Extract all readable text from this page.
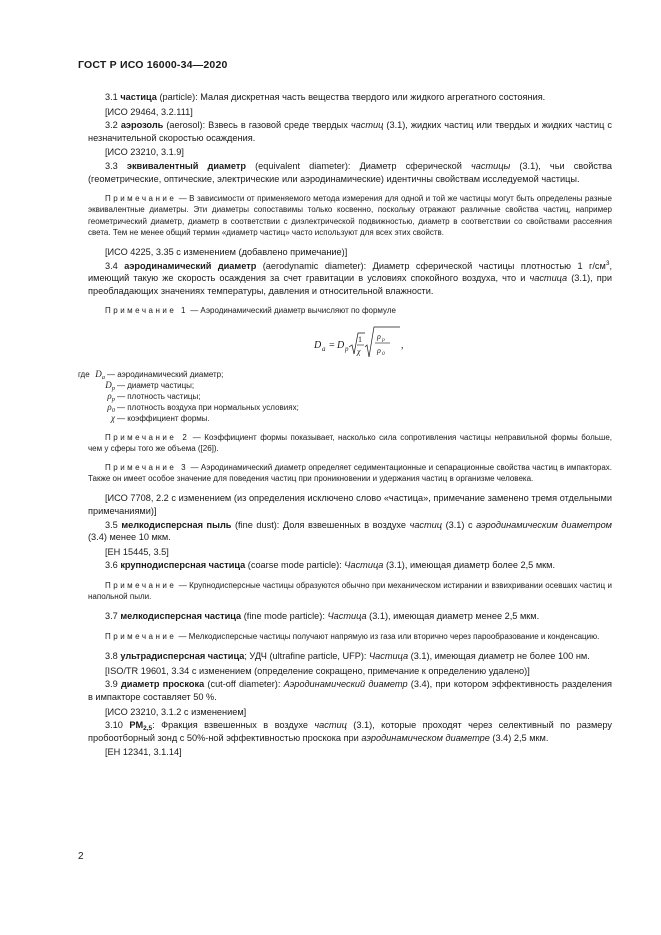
ГОСТ Р ИСО 16000-34—2020

3.1 частица (particle): Малая дискретная часть вещества твердого или жидкого агрегатного состояния.

[ИСО 29464, 3.2.111]

3.2 аэрозоль (aerosol): Взвесь в газовой среде твердых частиц (3.1), жидких частиц или твердых и жидких частиц с незначительной скоростью осаждения.

[ИСО 23210, 3.1.9]

3.3 эквивалентный диаметр (equivalent diameter): Диаметр сферической частицы (3.1), чьи свойства (геометрические, оптические, электрические или аэродинамические) идентичны свойствам исследуемой частицы.

Примечание — В зависимости от применяемого метода измерения для одной и той же частицы могут быть определены разные эквивалентные диаметры. Эти диаметры сопоставимы только косвенно, поскольку отражают различные свойства частиц, например геометрический диаметр, диаметр в соответствии с диэлектрической подвижностью, диаметр в соответствии со свойствами рассеяния света. Тем не менее общий термин «диаметр частиц» часто используют для всех этих свойств.

[ИСО 4225, 3.35 с изменением (добавлено примечание)]

3.4 аэродинамический диаметр (aerodynamic diameter): Диаметр сферической частицы плотностью 1 $г/см^3$, имеющий такую же скорость осаждения за счет гравитации в условиях спокойного воздуха, что и частица (3.1), при преобладающих значениях температуры, давления и относительной влажности.

Примечание 1 — Аэродинамический диаметр вычисляют по формуле

D a = D p
1
χ
ρ p
ρ 0
,
где $D_a$ — аэродинамический диаметр;
$D_p$ — диаметр частицы;
$\rho_p$ — плотность частицы;
$\rho_0$ — плотность воздуха при нормальных условиях;
χ — коэффициент формы.

Примечание 2 — Коэффициент формы показывает, насколько сила сопротивления частицы неправильной формы больше, чем у сферы того же объема ([26]).

Примечание 3 — Аэродинамический диаметр определяет седиментационные и сепарационные свойства частиц в импакторах. Также он имеет особое значение для поведения частиц при проникновении и удержания частиц в организме человека.

[ИСО 7708, 2.2 с изменением (из определения исключено слово «частица», примечание заменено тремя отдельными примечаниями)]

3.5 мелкодисперсная пыль (fine dust): Доля взвешенных в воздухе частиц (3.1) с аэродинамическим диаметром (3.4) менее 10 мкм.

[ЕН 15445, 3.5]

3.6 крупнодисперсная частица (coarse mode particle): Частица (3.1), имеющая диаметр более 2,5 мкм.

Примечание — Крупнодисперсные частицы образуются обычно при механическом истирании и взвихривании осевших частиц и напольной пыли.

3.7 мелкодисперсная частица (fine mode particle): Частица (3.1), имеющая диаметр менее 2,5 мкм.

Примечание — Мелкодисперсные частицы получают напрямую из газа или вторично через парообразование и конденсацию.

3.8 ультрадисперсная частица; УДЧ (ultrafine particle, UFP): Частица (3.1), имеющая диаметр не более 100 нм.

[ISO/TR 19601, 3.34 с изменением (определение сокращено, примечание к определению удалено)]

3.9 диаметр проскока (cut-off diameter): Аэродинамический диаметр (3.4), при котором эффективность разделения в импакторе составляет 50 %.

[ИСО 23210, 3.1.2 с изменением]

3.10 $PM_{2,5}$: Фракция взвешенных в воздухе частиц (3.1), которые проходят через селективный по размеру пробоотборный зонд с 50%-ной эффективностью проскока при аэродинамическом диаметре (3.4) 2,5 мкм.

[ЕН 12341, 3.1.14]

2
